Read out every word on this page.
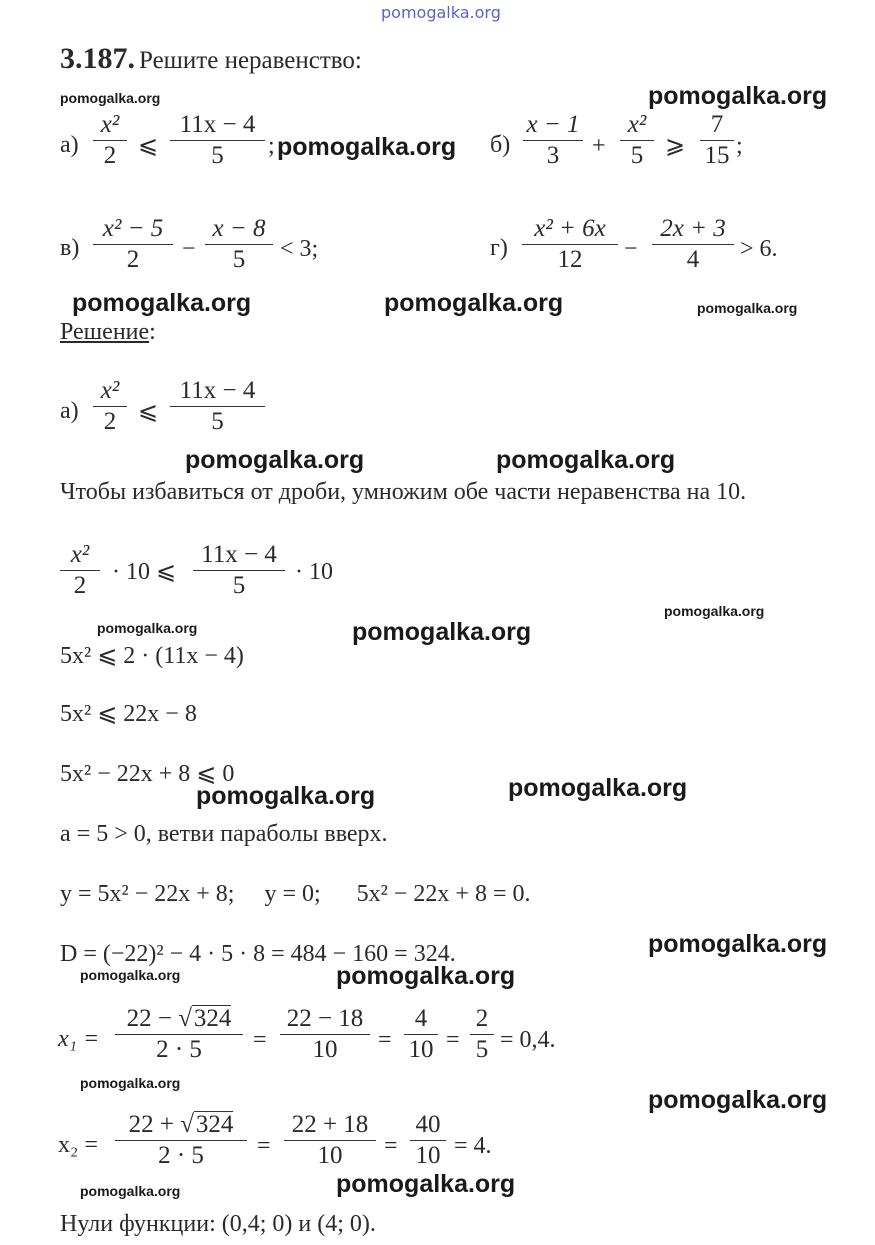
pomogalka.org
3.187. Решите неравенство:
а)
x²
2 ⩽
11x − 4
5	;	б)
x − 1
3	+
x²
5 ⩾
7
15 ;
в)
x² − 5
2	−
x − 8
5	< 3;	г)
x² + 6x
12	−
2x + 3
4	> 6.
Решение:
а)
x²
2 ⩽
11x − 4
5
Чтобы избавиться от дроби, умножим обе части неравенства на 10.
x²
2	· 10 ⩽
11x − 4
5	· 10
5x² ⩽ 2 · (11x − 4)
5x² ⩽ 22x − 8
5x² − 22x + 8 ⩽ 0
a = 5 > 0, ветви параболы вверх.
y = 5x² − 22x + 8;     y = 0;      5x² − 22x + 8 = 0.
D = (−22)² − 4 · 5 · 8 = 484 − 160 = 324.
x₁ =
22 − √324
2 · 5	=
22 − 18
10	=
4
10 =
2
5 = 0,4.
x₂ =
22 + √324
2 · 5	=
22 + 18
10	=
40
10 = 4.
Нули функции: (0,4; 0) и (4; 0).
pomogalka.org	pomogalka.org
pomogalka.org
pomogalka.org	pomogalka.org	pomogalka.org
pomogalka.org	pomogalka.org
pomogalka.org
pomogalka.org	pomogalka.org
pomogalka.org
pomogalka.org
pomogalka.org
pomogalka.org	pomogalka.org
pomogalka.org
pomogalka.org
pomogalka.org	pomogalka.org
